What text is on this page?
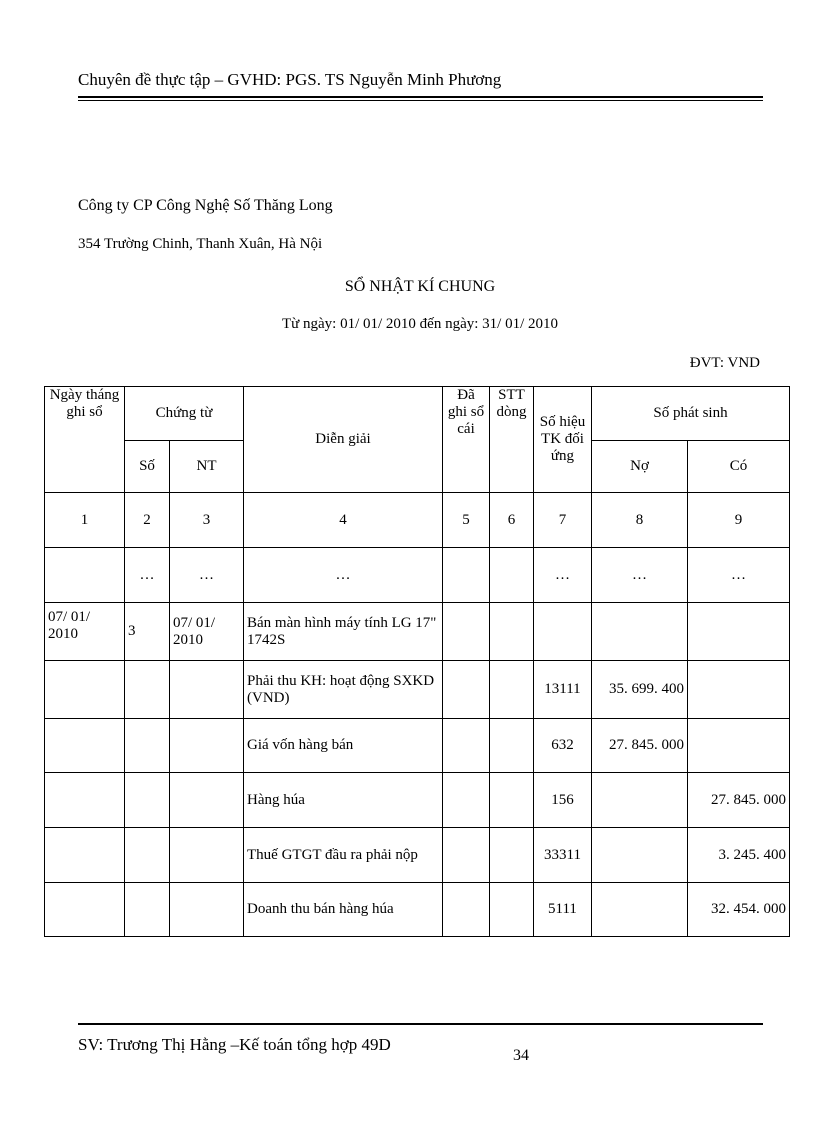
Chuyên đề thực tập – GVHD: PGS. TS Nguyễn Minh Phương
Công ty CP Công Nghệ Số Thăng Long
354 Trường Chinh, Thanh Xuân, Hà Nội
SỔ NHẬT KÍ CHUNG
Từ ngày: 01/ 01/ 2010 đến ngày: 31/ 01/ 2010
ĐVT: VND
Ngày tháng ghi sổ	Chứng từ		Diễn giải	Đã ghi sổ cái	STT dòng	Số hiệu TK đối ứng	Số phát sinh	
	Số	NT					Nợ	Có
1	2	3	4	5	6	7	8	9
	…	…	…			…	…	…
07/ 01/ 2010	3	07/ 01/ 2010	Bán màn hình máy tính LG 17" 1742S					
			Phải thu KH: hoạt động SXKD (VND)			13111	35. 699. 400	
			Giá vốn hàng bán			632	27. 845. 000	
			Hàng húa			156		27. 845. 000
			Thuế GTGT đầu ra phải nộp			33311		3. 245. 400
			Doanh thu bán hàng húa			5111		32. 454. 000
SV: Trương Thị Hằng –Kế toán tổng hợp 49D
34
